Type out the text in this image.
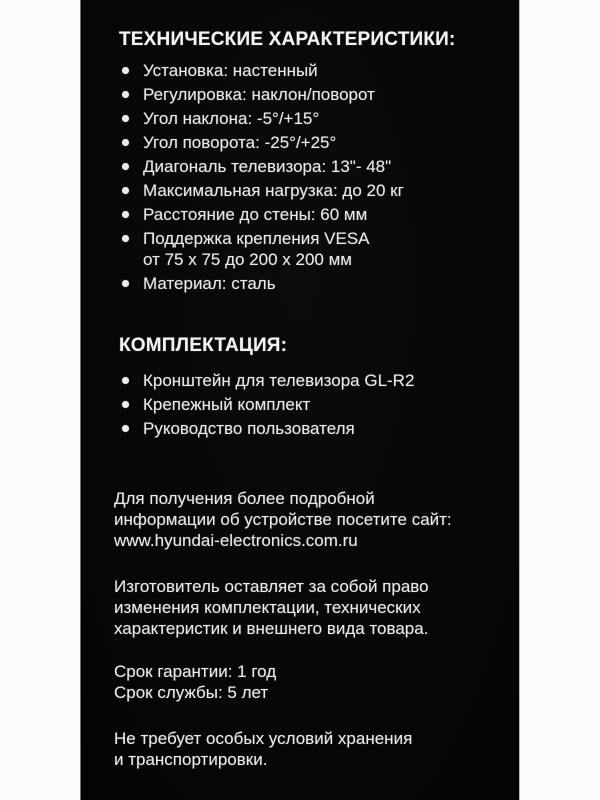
ТЕХНИЧЕСКИЕ ХАРАКТЕРИСТИКИ:
Установка: настенный
Регулировка: наклон/поворот
Угол наклона: -5°/+15°
Угол поворота: -25°/+25°
Диагональ телевизора: 13"- 48"
Максимальная нагрузка: до 20 кг
Расстояние до стены: 60 мм
Поддержка крепления VESA
от 75 х 75 до 200 х 200 мм
Материал: сталь
КОМПЛЕКТАЦИЯ:
Кронштейн для телевизора GL-R2
Крепежный комплект
Руководство пользователя

Для получения более подробной
информации об устройстве посетите сайт:
www.hyundai-electronics.com.ru

Изготовитель оставляет за собой право
изменения комплектации, технических
характеристик и внешнего вида товара.

Срок гарантии: 1 год
Срок службы: 5 лет

Не требует особых условий хранения
и транспортировки.
